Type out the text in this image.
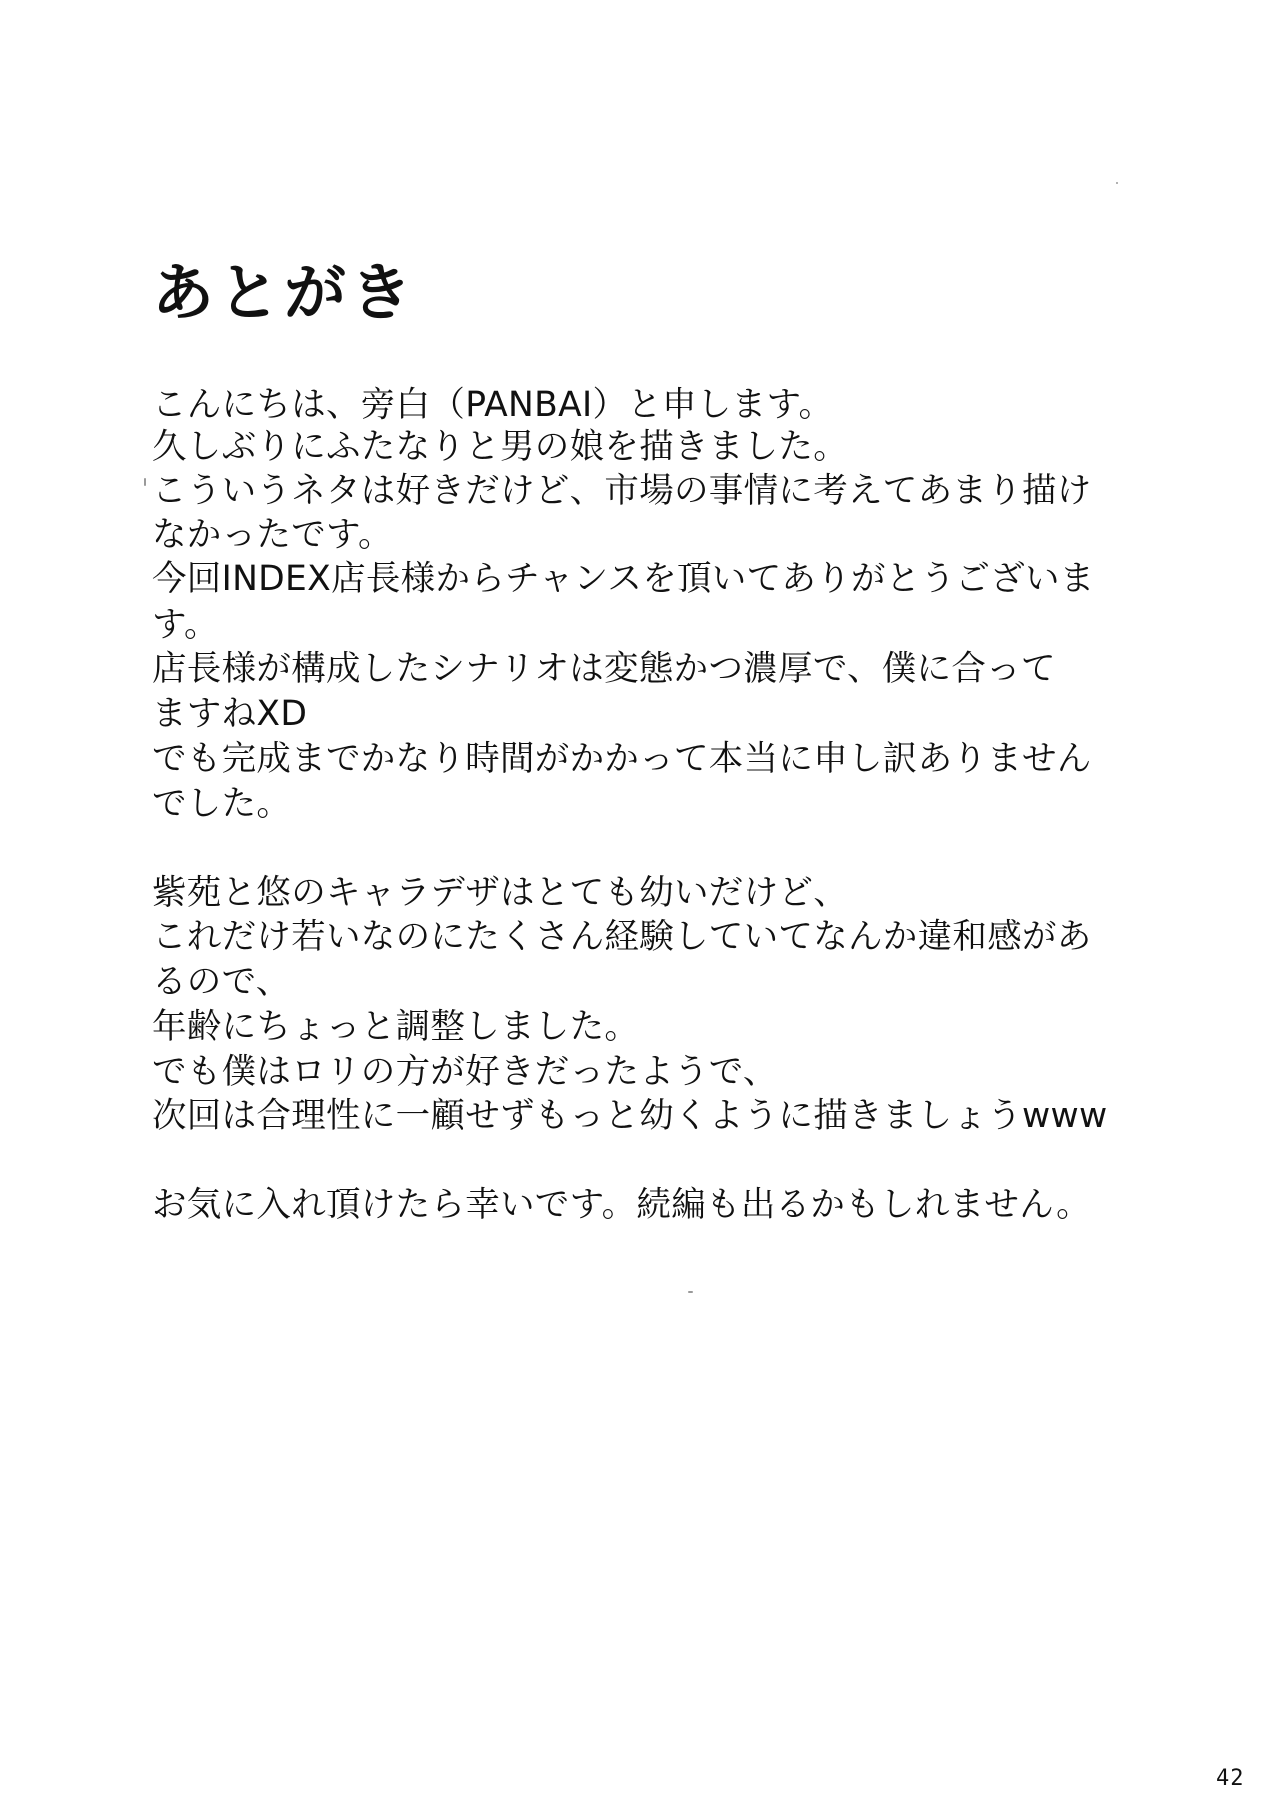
あとがき
こんにちは、旁白（PANBAI）と申します。
久しぶりにふたなりと男の娘を描きました。
こういうネタは好きだけど、市場の事情に考えてあまり描け
なかったです。
今回INDEX店長様からチャンスを頂いてありがとうございま
す。
店長様が構成したシナリオは変態かつ濃厚で、僕に合って
ますねXD
でも完成までかなり時間がかかって本当に申し訳ありません
でした。
紫苑と悠のキャラデザはとても幼いだけど、
これだけ若いなのにたくさん経験していてなんか違和感があ
るので、
年齢にちょっと調整しました。
でも僕はロリの方が好きだったようで、
次回は合理性に一顧せずもっと幼くように描きましょうwww
お気に入れ頂けたら幸いです。続編も出るかもしれません。
42
